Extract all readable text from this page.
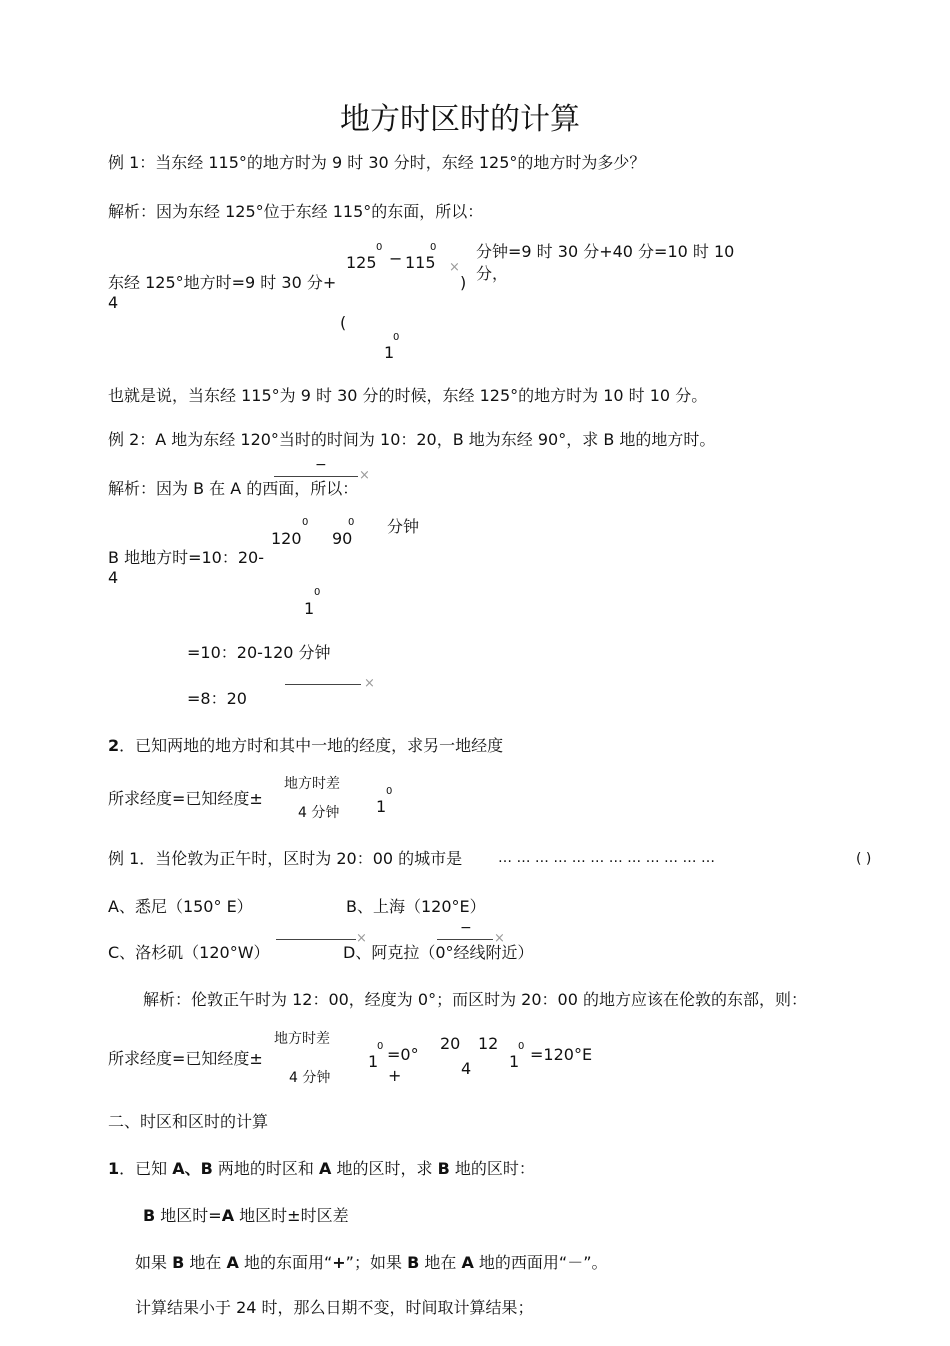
地方时区时的计算
例 1：当东经 115°的地方时为 9 时 30 分时，东经 125°的地方时为多少？
解析：因为东经 125°位于东经 115°的东面，所以：
125
0
− 115
0
×
分钟=9 时 30 分+40 分=10 时 10
分，
东经 125°地方时=9 时 30 分+
4
)
(
1
0
也就是说，当东经 115°为 9 时 30 分的时候，东经 125°的地方时为 10 时 10 分。
例 2：A 地为东经 120°当时的时间为 10：20，B 地为东经 90°，求 B 地的地方时。
−
×
解析：因为 B 在 A 的西面，所以：
0	0
120 90
分钟
B 地地方时=10：20-
4
0
1
=10：20-120 分钟
×
=8：20
2．已知两地的地方时和其中一地的经度，求另一地经度
地方时差	0
所求经度=已知经度±	1
4 分钟
例 1．当伦敦为正午时，区时为 20：00 的城市是	… … … … … … … … … … … …	( )
A、悉尼（150° E）	B、上海（120°E）
−
×	×
C、洛杉矶（120°W）	D、阿克拉（0°经线附近）
解析：伦敦正午时为 12：00，经度为 0°；而区时为 20：00 的地方应该在伦敦的东部，则：
地方时差	0	20 12 0
所求经度=已知经度±	1 =0°	1 =120°E
4
+
4 分钟
二、时区和区时的计算
1．已知 A、B 两地的时区和 A 地的区时，求 B 地的区时：
B 地区时=A 地区时±时区差
如果 B 地在 A 地的东面用“+”；如果 B 地在 A 地的西面用“－”。
计算结果小于 24 时，那么日期不变，时间取计算结果；
